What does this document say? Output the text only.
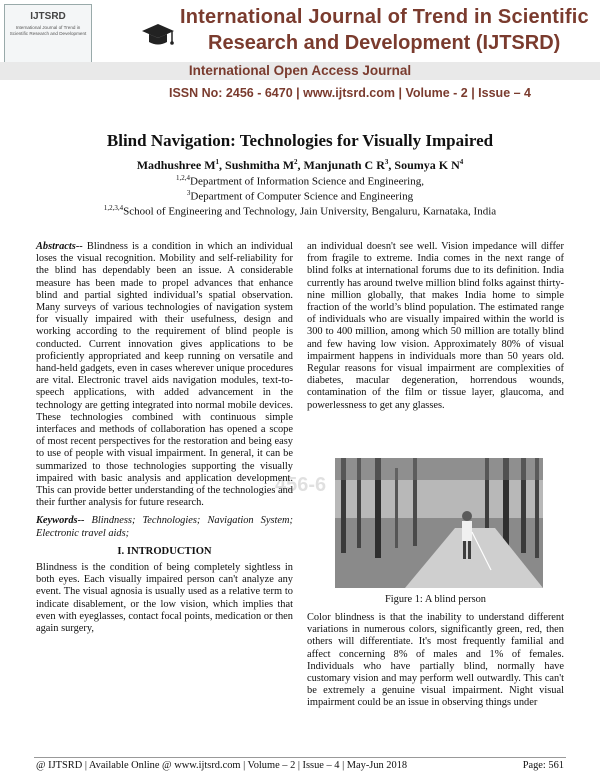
IJTSRD
International Journal of Trend in Scientific Research and Development
International Journal of Trend in Scientific
Research and Development (IJTSRD)
International Open Access Journal
ISSN No: 2456 - 6470 | www.ijtsrd.com | Volume - 2 | Issue – 4
Blind Navigation: Technologies for Visually Impaired
Madhushree $M^1$, Sushmitha $M^2$, Manjunath C $R^3$, Soumya K $N^4$
$^{1,2,4}$Department of Information Science and Engineering,
$^3$Department of Computer Science and Engineering
$^{1,2,3,4}$School of Engineering and Technology, Jain University, Bengaluru, Karnataka, India

Abstracts-- Blindness is a condition in which an individual loses the visual recognition. Mobility and self-reliability for the blind has dependably been an issue. A considerable measure has been made to propel advances that enhance blind and partial sighted individual’s spatial observation. Many surveys of various technologies of navigation system for visually impaired with their usefulness, design and working according to the requirement of blind people is conducted. Current innovation gives applications to be proficiently appropriated and keep running on versatile and hand-held gadgets, even in cases wherever unique procedures are vital. Electronic travel aids navigation modules, text-to-speech applications, with added advancement in the technology are getting integrated into normal mobile devices. These technologies combined with continuous simple interfaces and methods of collaboration has opened a scope of most recent perspectives for the restoration and being easy to use of people with visual impairment. In general, it can be summarized to those technologies supporting the visually impaired with basic analysis and application development. This can provide better understanding of the technologies and their further analysis for future research.

Keywords-- Blindness; Technologies; Navigation System; Electronic travel aids;

I. INTRODUCTION

Blindness is the condition of being completely sightless in both eyes. Each visually impaired person can't analyze any event. The visual agnosia is usually used as a relative term to indicate disablement, or the low vision, which implies that even with eyeglasses, contact focal points, medication or then again surgery,

an individual doesn't see well. Vision impedance will differ from fragile to extreme. India comes in the next range of blind folks at international forums due to its definition. India currently has around twelve million blind folks against thirty-nine million globally, that makes India home to simple fraction of the world’s blind population. The estimated range of individuals who are visually impaired within the world is 300 to 400 million, among which 50 million are totally blind and few having low vision. Approximately 80% of visual impairment happens in individuals more than 50 years old. Regular reasons for visual impairment are complexities of diabetes, macular degeneration, horrendous wounds, contamination of the film or tissue layer, glaucoma, and powerlessness to get any glasses.

Figure 1: A blind person

Color blindness is that the inability to understand different variations in numerous colors, significantly green, red, then others will differentiate. It's most frequently familial and affect concerning 8% of males and 1% of females. Individuals who have partially blind, normally have customary vision and may perform well outwardly. This can't be extremely a genuine visual impairment. Night visual impairment could be an issue in observing things under

456-6
@ IJTSRD | Available Online @ www.ijtsrd.com | Volume – 2 | Issue – 4 | May-Jun 2018	Page: 561
